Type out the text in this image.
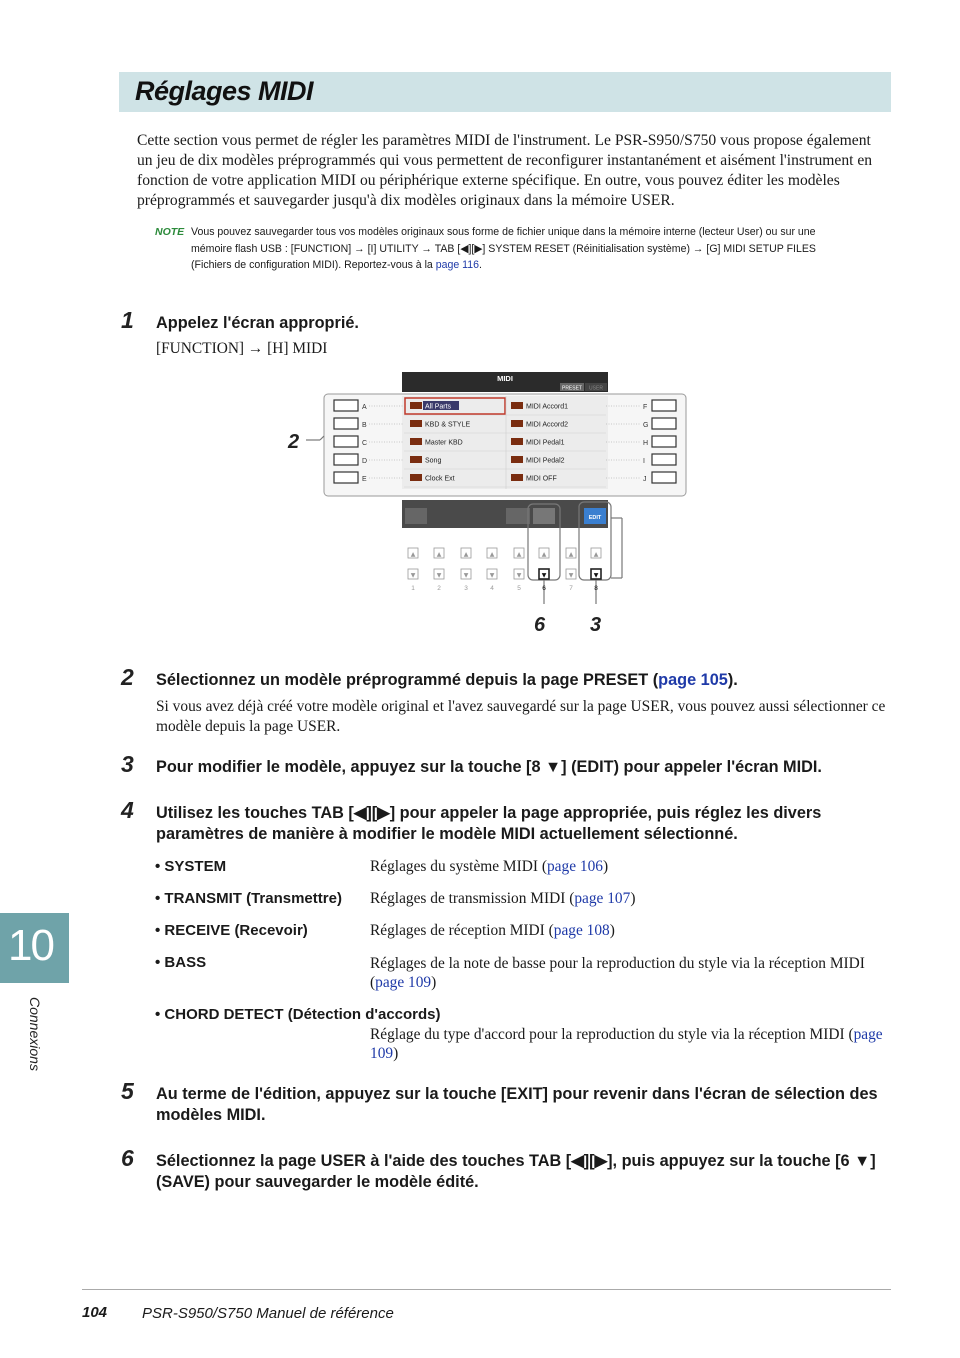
Réglages MIDI
Cette section vous permet de régler les paramètres MIDI de l'instrument. Le PSR-S950/S750 vous propose également un jeu de dix modèles préprogrammés qui vous permettent de reconfigurer instantanément et aisément l'instrument en fonction de votre application MIDI ou périphérique externe spécifique. En outre, vous pouvez éditer les modèles préprogrammés et sauvegarder jusqu'à dix modèles originaux dans la mémoire USER.
NOTE Vous pouvez sauvegarder tous vos modèles originaux sous forme de fichier unique dans la mémoire interne (lecteur User) ou sur une mémoire flash USB : [FUNCTION] → [I] UTILITY → TAB [◀][▶] SYSTEM RESET (Réinitialisation système) → [G] MIDI SETUP FILES (Fichiers de configuration MIDI). Reportez-vous à la page 116.
1 Appelez l'écran approprié.
[FUNCTION] → [H] MIDI
MIDI
PRESET USER
A	F
All Parts	MIDI Accord1
B	G
KBD & STYLE	MIDI Accord2
C	H
Master KBD	MIDI Pedal1
D	I
Song	MIDI Pedal2
E	J
Clock Ext	MIDI OFF
EDIT
▲
▼
1
▲
▼
2
▲
▼
3
▲
▼
4
▲
▼
5
▲
▼
6
▲
▼
7
▲
▼
8
2
6 3
2 Sélectionnez un modèle préprogrammé depuis la page PRESET (page 105).
Si vous avez déjà créé votre modèle original et l'avez sauvegardé sur la page USER, vous pouvez aussi sélectionner ce modèle depuis la page USER.
3 Pour modifier le modèle, appuyez sur la touche [8 ▼] (EDIT) pour appeler l'écran MIDI.
4 Utilisez les touches TAB [◀][▶] pour appeler la page appropriée, puis réglez les divers paramètres de manière à modifier le modèle MIDI actuellement sélectionné.
• SYSTEM	Réglages du système MIDI (page 106)
• TRANSMIT (Transmettre) Réglages de transmission MIDI (page 107)
• RECEIVE (Recevoir)	Réglages de réception MIDI (page 108)
• BASS	Réglages de la note de basse pour la reproduction du style via la réception MIDI (page 109)
• CHORD DETECT (Détection d'accords)
Réglage du type d'accord pour la reproduction du style via la réception MIDI (page 109)
5 Au terme de l'édition, appuyez sur la touche [EXIT] pour revenir dans l'écran de sélection des modèles MIDI.
6 Sélectionnez la page USER à l'aide des touches TAB [◀][▶], puis appuyez sur la touche [6 ▼] (SAVE) pour sauvegarder le modèle édité.
10
Connexions
104 PSR-S950/S750 Manuel de référence
